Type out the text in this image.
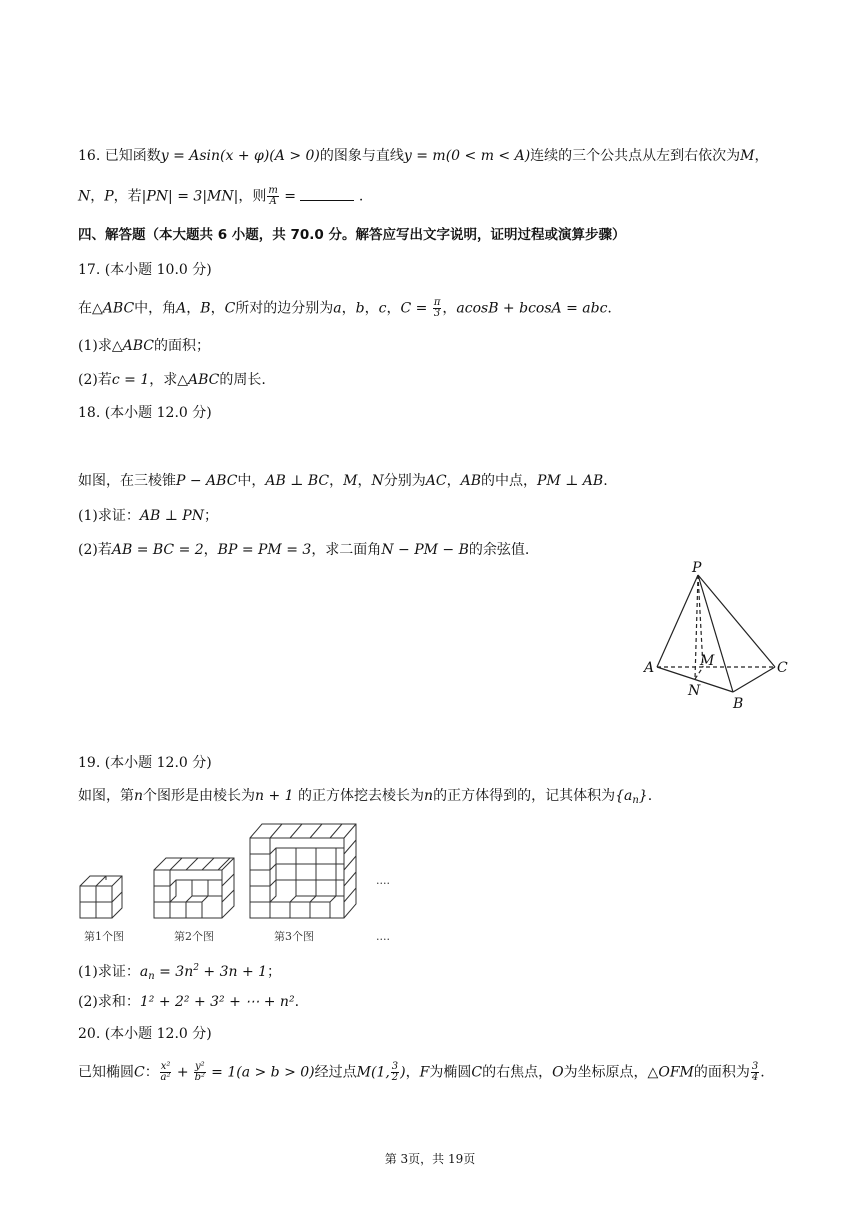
16. 已知函数y = Asin(x + φ)(A > 0)的图象与直线y = m(0 < m < A)连续的三个公共点从左到右依次为M，
N，P，若|PN| = 3|MN|，则 $\frac{m}{A}$ =	.
四、解答题（本大题共 6 小题，共 70.0 分。解答应写出文字说明，证明过程或演算步骤）
17. (本小题 10.0 分)
在△ABC中，角A，B，C所对的边分别为a，b，c，$C = \frac{\pi}{3}$ ，acosB + bcosA = abc.
(1)求△ABC的面积；
(2)若c = 1，求△ABC的周长.
18. (本小题 12.0 分)
如图，在三棱锥P − ABC中，AB ⊥ BC，M，N分别为AC，AB的中点，PM ⊥ AB.
(1)求证：AB ⊥ PN；
(2)若AB = BC = 2，BP = PM = 3，求二面角N − PM − B的余弦值.
P
A	M	C
N
B
19. (本小题 12.0 分)
如图，第n个图形是由棱长为n + 1 的正方体挖去棱长为n的正方体得到的，记其体积为$\{a_n\}$.
第1个图	第2个图	第3个图
....
....
(1)求证：$a_n = 3n^2 + 3n + 1$；
(2)求和：1² + 2² + 3² + ⋯ + n².
20. (本小题 12.0 分)
已知椭圆C： $\frac{\text{x²}}{\text{a²}} + \frac{\text{y²}}{\text{b²}} = 1(a > b > 0)$经过点M(1, $\frac{3}{2}$ )，F为椭圆C的右焦点，O为坐标原点，△OFM的面积为 $\frac{3}{4}$ .
第 3页，共 19页
